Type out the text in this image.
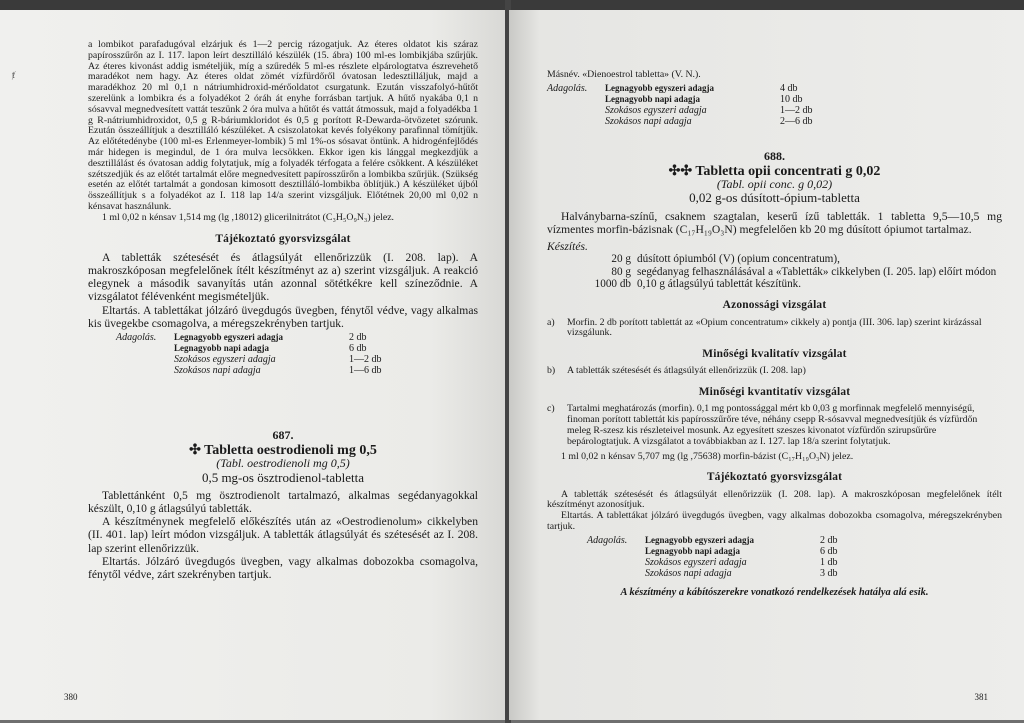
ⱦ

a lombikot parafadugóval elzárjuk és 1—2 percig rázogatjuk. Az éteres oldatot kis száraz papírosszűrőn az I. 117. lapon leírt desztilláló készülék (15. ábra) 100 ml-es lombikjába szűrjük. Az éteres kivonást addig ismételjük, míg a szűredék 5 ml-es részlete elpárologtatva észrevehető maradékot nem hagy. Az éteres oldat zömét vízfürdőről óvatosan ledesztilláljuk, majd a maradékhoz 20 ml 0,1 n nátriumhidroxid-mérőoldatot csurgatunk. Ezután visszafolyó-hűtőt szerelünk a lombikra és a folyadékot 2 óráh át enyhe forrásban tartjuk. A hűtő nyakába 0,1 n sósavval megnedvesített vattát teszünk 2 óra mulva a hűtőt és vattát átmossuk, majd a folyadékba 1 g R-nátriumhidroxidot, 0,5 g R-báriumkloridot és 0,5 g porított R-Dewarda-ötvözetet szórunk. Ezután összeállítjuk a desztilláló készüléket. A csiszolatokat kevés folyékony parafinnal tömítjük. Az előtétedénybe (100 ml-es Erlenmeyer-lombik) 5 ml 1%-os sósavat öntünk. A hidrogénfejlődés már hidegen is megindul, de 1 óra mulva lecsökken. Ekkor igen kis lánggal megkezdjük a desztillálást és óvatosan addig folytatjuk, míg a folyadék térfogata a felére csökkent. A készüléket szétszedjük és az előtét tartalmát előre megnedvesített papírosszűrőn a lombikba szűrjük. (Szükség esetén az előtét tartalmát a gondosan kimosott desztilláló-lombikba öblítjük.) A készüléket újból összeállítjuk s a folyadékot az I. 118 lap 14/a szerint vizsgáljuk. Előtétnek 20,00 ml 0,02 n kénsavat használunk.

1 ml 0,02 n kénsav 1,514 mg (lg ,18012) glicerilnitrátot (C₃H₅O₉N₃) jelez.

Tájékoztató gyorsvizsgálat

A tabletták szétesését és átlagsúlyát ellenőrizzük (I. 208. lap). A makroszkóposan megfelelőnek ítélt készítményt az a) szerint vizsgáljuk. A reakció elegynek a második savanyítás után azonnal sötétkékre kell színeződnie. A vizsgálatot félévenként megismételjük.

Eltartás. A tablettákat jólzáró üvegdugós üvegben, fénytől védve, vagy alkalmas kis üvegekbe csomagolva, a méregszekrényben tartjuk.

Adagolás.	Legnagyobb egyszeri adagja	2 db
Legnagyobb napi adagja	6 db
Szokásos egyszeri adagja	1—2 db
Szokásos napi adagja	1—6 db
687.
✣ Tabletta oestrodienoli mg 0,5
(Tabl. oestrodienoli mg 0,5)
0,5 mg-os ösztrodienol-tabletta

Tablettánként 0,5 mg ösztrodienolt tartalmazó, alkalmas segédanyagokkal készült, 0,10 g átlagsúlyú tabletták.

A készítménynek megfelelő előkészítés után az «Oestrodienolum» cikkelyben (II. 401. lap) leírt módon vizsgáljuk. A tabletták átlagsúlyát és szétesését az I. 208. lap szerint ellenőrizzük.

Eltartás. Jólzáró üvegdugós üvegben, vagy alkalmas dobozokba csomagolva, fénytől védve, zárt szekrényben tartjuk.

380

Másnév. «Dienoestrol tabletta» (V. N.).

Adagolás.	Legnagyobb egyszeri adagja	4 db
Legnagyobb napi adagja	10 db
Szokásos egyszeri adagja	1—2 db
Szokásos napi adagja	2—6 db
688.
✣✣ Tabletta opii concentrati g 0,02
(Tabl. opii conc. g 0,02)
0,02 g-os dúsított-ópium-tabletta

Halványbarna-színű, csaknem szagtalan, keserű ízű tabletták. 1 tabletta 9,5—10,5 mg vízmentes morfin-bázisnak (C₁₇H₁₉O₃N) megfelelően kb 20 mg dúsított ópiumot tartalmaz.

Készítés.

20 g dúsított ópiumból (V) (opium concentratum),
80 g segédanyag felhasználásával a «Tabletták» cikkelyben (I. 205. lap) előírt módon
1000 db 0,10 g átlagsúlyú tablettát készítünk.
Azonossági vizsgálat
a)	Morfin. 2 db porított tablettát az «Opium concentratum» cikkely a) pontja (III. 306. lap) szerint kirázással vizsgálunk.
Minőségi kvalitatív vizsgálat
b)	A tabletták szétesését és átlagsúlyát ellenőrizzük (I. 208. lap)
Minőségi kvantitatív vizsgálat
c)	Tartalmi meghatározás (morfin). 0,1 mg pontossággal mért kb 0,03 g morfinnak megfelelő mennyiségű, finoman porított tablettát kis papírosszűrőre téve, néhány csepp R-sósavval megnedvesítjük és vízfürdőn meleg R-szesz kis részleteivel mosunk. Az egyesített szeszes kivonatot vízfürdőn szirupsűrűre bepárologtatjuk. A vizsgálatot a továbbiakban az I. 127. lap 18/a szerint folytatjuk.

1 ml 0,02 n kénsav 5,707 mg (lg ,75638) morfin-bázist (C₁₇H₁₉O₃N) jelez.

Tájékoztató gyorsvizsgálat

A tabletták szétesését és átlagsúlyát ellenőrizzük (I. 208. lap). A makroszkóposan megfelelőnek ítélt készítményt azonosítjuk.

Eltartás. A tablettákat jólzáró üvegdugós üvegben, vagy alkalmas dobozokba csomagolva, méregszekrényben tartjuk.

Adagolás.	Legnagyobb egyszeri adagja	2 db
Legnagyobb napi adagja	6 db
Szokásos egyszeri adagja	1 db
Szokásos napi adagja	3 db
A készítmény a kábítószerekre vonatkozó rendelkezések hatálya alá esik.
381
